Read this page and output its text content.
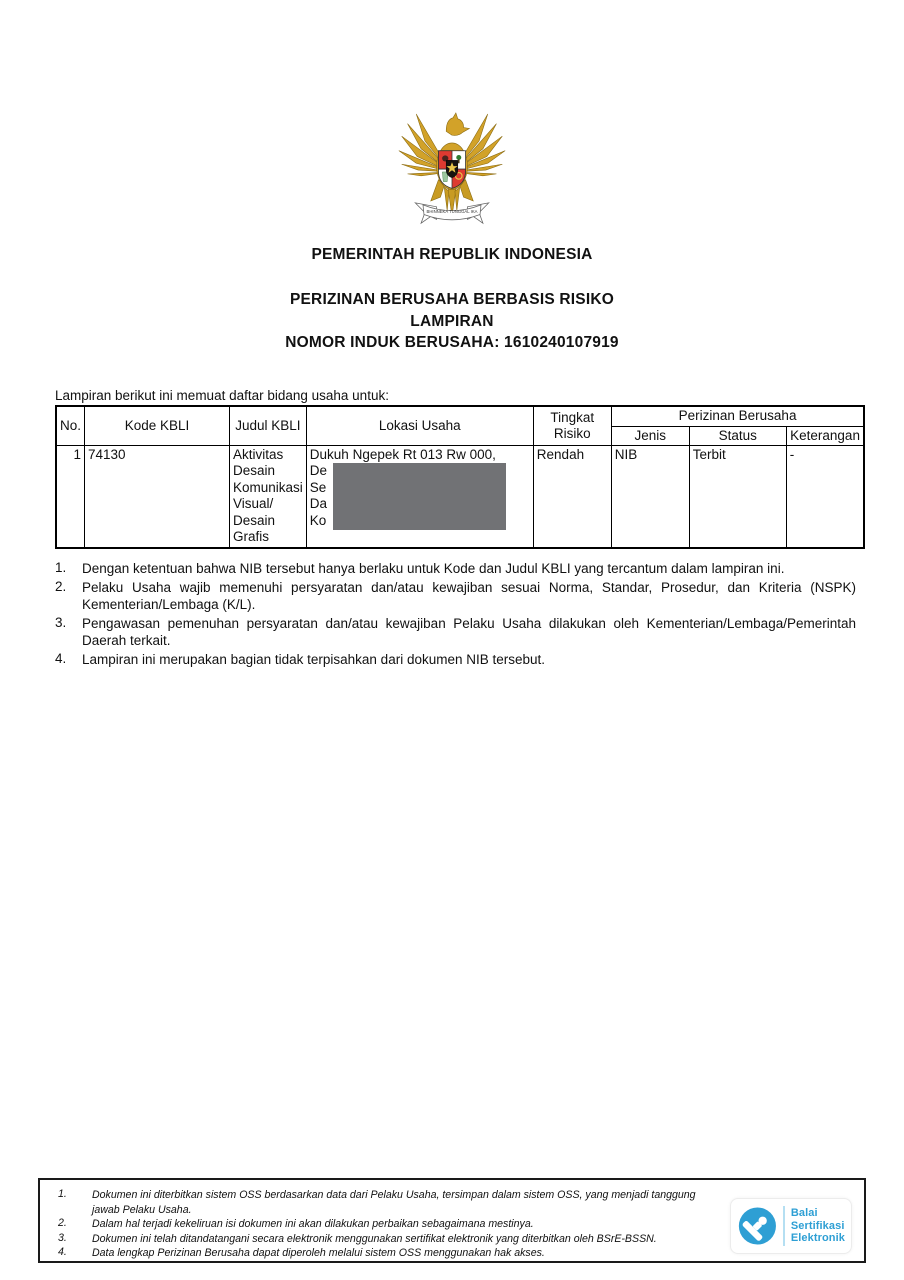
BHINNEKA TUNGGAL IKA
PEMERINTAH REPUBLIK INDONESIA
PERIZINAN BERUSAHA BERBASIS RISIKO
LAMPIRAN
NOMOR INDUK BERUSAHA: 1610240107919
Lampiran berikut ini memuat daftar bidang usaha untuk:
No.	Kode KBLI	Judul KBLI	Lokasi Usaha	Tingkat Risiko	Perizinan Berusaha		
					Jenis	Status	Keterangan
1	74130	Aktivitas Desain Komunikasi Visual/ Desain Grafis	Dukuh Ngepek Rt 013 Rw 000,
De
Se
Da
Ko	Rendah	NIB	Terbit	-
1.	Dengan ketentuan bahwa NIB tersebut hanya berlaku untuk Kode dan Judul KBLI yang tercantum dalam lampiran ini.
2.	Pelaku Usaha wajib memenuhi persyaratan dan/atau kewajiban sesuai Norma, Standar, Prosedur, dan Kriteria (NSPK) Kementerian/Lembaga (K/L).
3.	Pengawasan pemenuhan persyaratan dan/atau kewajiban Pelaku Usaha dilakukan oleh Kementerian/Lembaga/Pemerintah Daerah terkait.
4.	Lampiran ini merupakan bagian tidak terpisahkan dari dokumen NIB tersebut.
1.	Dokumen ini diterbitkan sistem OSS berdasarkan data dari Pelaku Usaha, tersimpan dalam sistem OSS, yang menjadi tanggung jawab Pelaku Usaha.
2.	Dalam hal terjadi kekeliruan isi dokumen ini akan dilakukan perbaikan sebagaimana mestinya.
3.	Dokumen ini telah ditandatangani secara elektronik menggunakan sertifikat elektronik yang diterbitkan oleh BSrE-BSSN.
4.	Data lengkap Perizinan Berusaha dapat diperoleh melalui sistem OSS menggunakan hak akses.
Balai
Sertifikasi
Elektronik
